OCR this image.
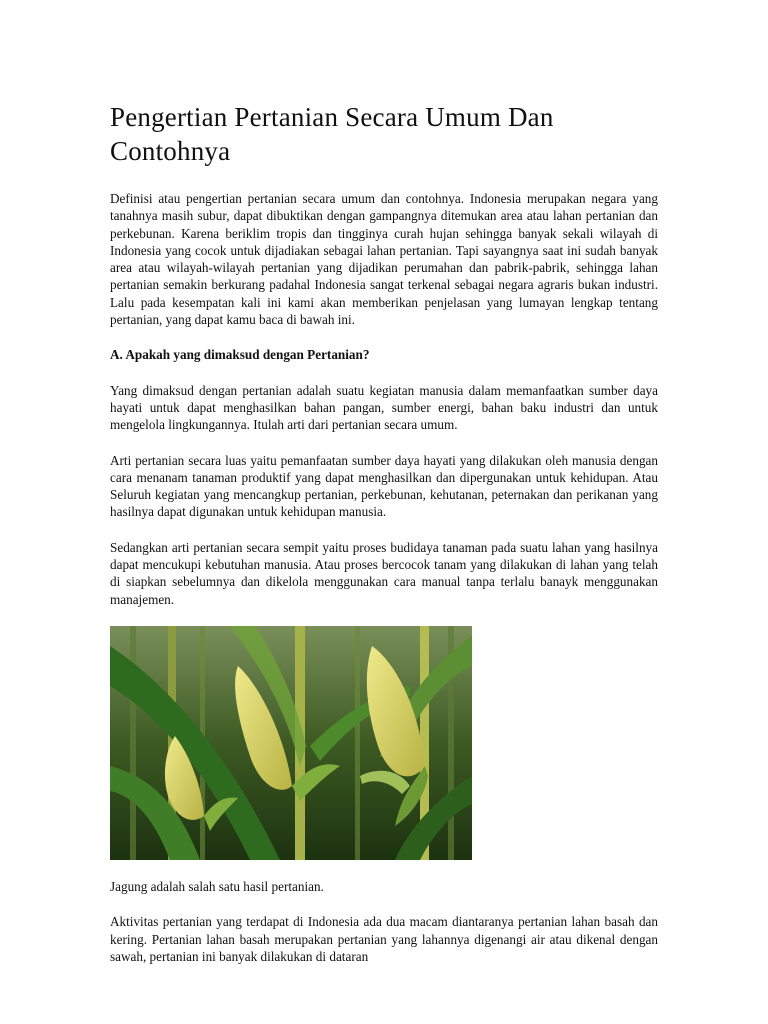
Pengertian Pertanian Secara Umum Dan Contohnya

Definisi atau pengertian pertanian secara umum dan contohnya. Indonesia merupakan negara yang tanahnya masih subur, dapat dibuktikan dengan gampangnya ditemukan area atau lahan pertanian dan perkebunan. Karena beriklim tropis dan tingginya curah hujan sehingga banyak sekali wilayah di Indonesia yang cocok untuk dijadiakan sebagai lahan pertanian. Tapi sayangnya saat ini sudah banyak area atau wilayah-wilayah pertanian yang dijadikan perumahan dan pabrik-pabrik, sehingga lahan pertanian semakin berkurang padahal Indonesia sangat terkenal sebagai negara agraris bukan industri. Lalu pada kesempatan kali ini kami akan memberikan penjelasan yang lumayan lengkap tentang pertanian, yang dapat kamu baca di bawah ini.

A. Apakah yang dimaksud dengan Pertanian?

Yang dimaksud dengan pertanian adalah suatu kegiatan manusia dalam memanfaatkan sumber daya hayati untuk dapat menghasilkan bahan pangan, sumber energi, bahan baku industri dan untuk mengelola lingkungannya. Itulah arti dari pertanian secara umum.

Arti pertanian secara luas yaitu pemanfaatan sumber daya hayati yang dilakukan oleh manusia dengan cara menanam tanaman produktif yang dapat menghasilkan dan dipergunakan untuk kehidupan. Atau Seluruh kegiatan yang mencangkup pertanian, perkebunan, kehutanan, peternakan dan perikanan yang hasilnya dapat digunakan untuk kehidupan manusia.

Sedangkan arti pertanian secara sempit yaitu proses budidaya tanaman pada suatu lahan yang hasilnya dapat mencukupi kebutuhan manusia. Atau proses bercocok tanam yang dilakukan di lahan yang telah di siapkan sebelumnya dan dikelola menggunakan cara manual tanpa terlalu banayk menggunakan manajemen.

Jagung adalah salah satu hasil pertanian.

Aktivitas pertanian yang terdapat di Indonesia ada dua macam diantaranya pertanian lahan basah dan kering. Pertanian lahan basah merupakan pertanian yang lahannya digenangi air atau dikenal dengan sawah, pertanian ini banyak dilakukan di dataran
